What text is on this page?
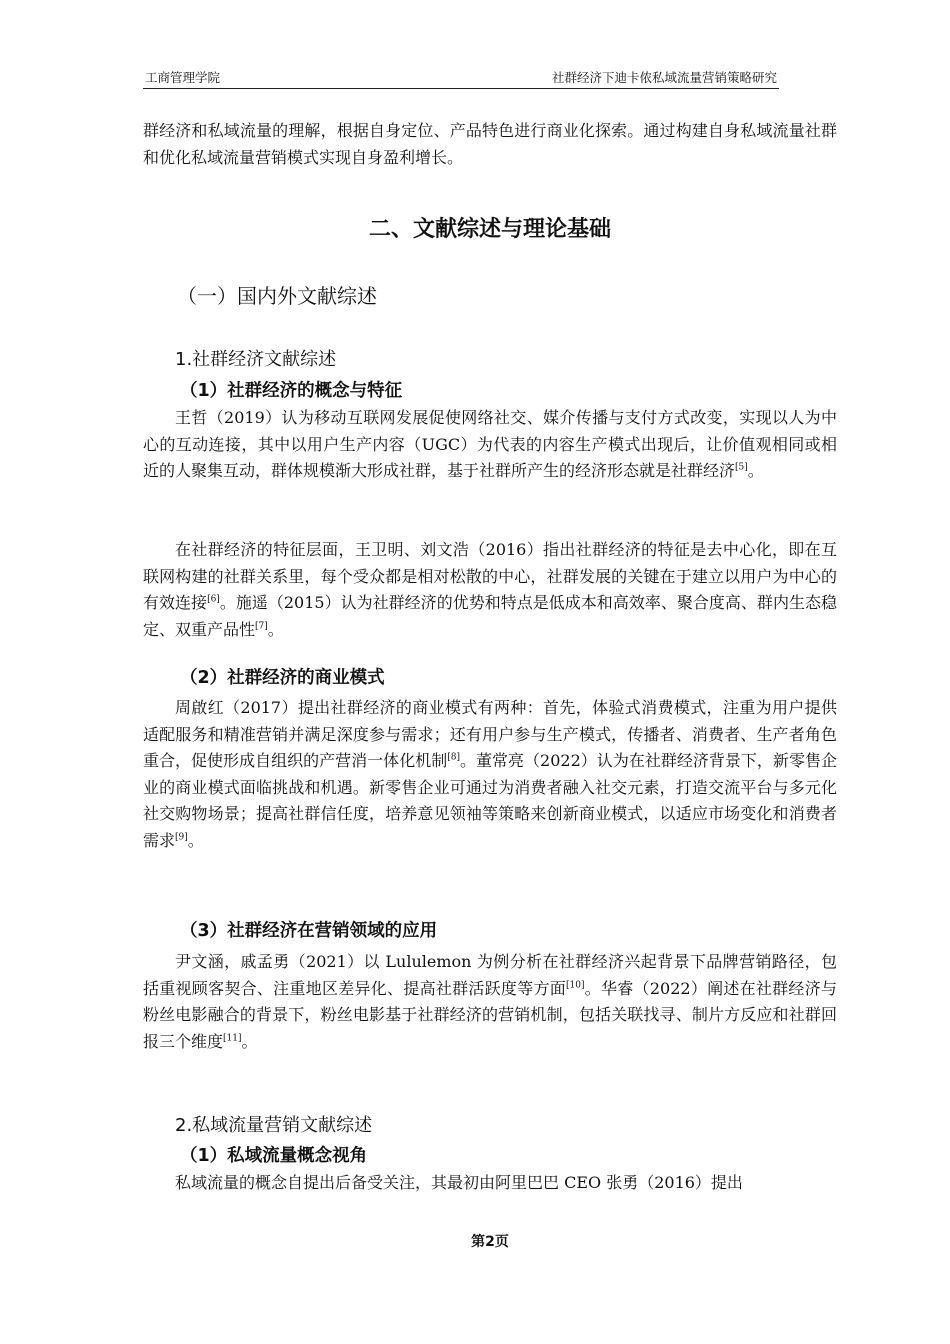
工商管理学院	社群经济下迪卡侬私域流量营销策略研究

群经济和私域流量的理解，根据自身定位、产品特色进行商业化探索。通过构建自身私域流量社群和优化私域流量营销模式实现自身盈利增长。

二、文献综述与理论基础
（一）国内外文献综述
1.社群经济文献综述
（1）社群经济的概念与特征

王哲（2019）认为移动互联网发展促使网络社交、媒介传播与支付方式改变，实现以人为中心的互动连接，其中以用户生产内容（UGC）为代表的内容生产模式出现后，让价值观相同或相近的人聚集互动，群体规模渐大形成社群，基于社群所产生的经济形态就是社群经济[5]。

在社群经济的特征层面，王卫明、刘文浩（2016）指出社群经济的特征是去中心化，即在互联网构建的社群关系里，每个受众都是相对松散的中心，社群发展的关键在于建立以用户为中心的有效连接[6]。施遥（2015）认为社群经济的优势和特点是低成本和高效率、聚合度高、群内生态稳定、双重产品性[7]。

（2）社群经济的商业模式

周啟红（2017）提出社群经济的商业模式有两种：首先，体验式消费模式，注重为用户提供适配服务和精准营销并满足深度参与需求；还有用户参与生产模式，传播者、消费者、生产者角色重合，促使形成自组织的产营消一体化机制[8]。董常亮（2022）认为在社群经济背景下，新零售企业的商业模式面临挑战和机遇。新零售企业可通过为消费者融入社交元素，打造交流平台与多元化社交购物场景；提高社群信任度，培养意见领袖等策略来创新商业模式，以适应市场变化和消费者需求[9]。

（3）社群经济在营销领域的应用

尹文涵，戚孟勇（2021）以 Lululemon 为例分析在社群经济兴起背景下品牌营销路径，包括重视顾客契合、注重地区差异化、提高社群活跃度等方面[10]。华睿（2022）阐述在社群经济与粉丝电影融合的背景下，粉丝电影基于社群经济的营销机制，包括关联找寻、制片方反应和社群回报三个维度[11]。

2.私域流量营销文献综述
（1）私域流量概念视角

私域流量的概念自提出后备受关注，其最初由阿里巴巴 CEO 张勇（2016）提出

第2页
